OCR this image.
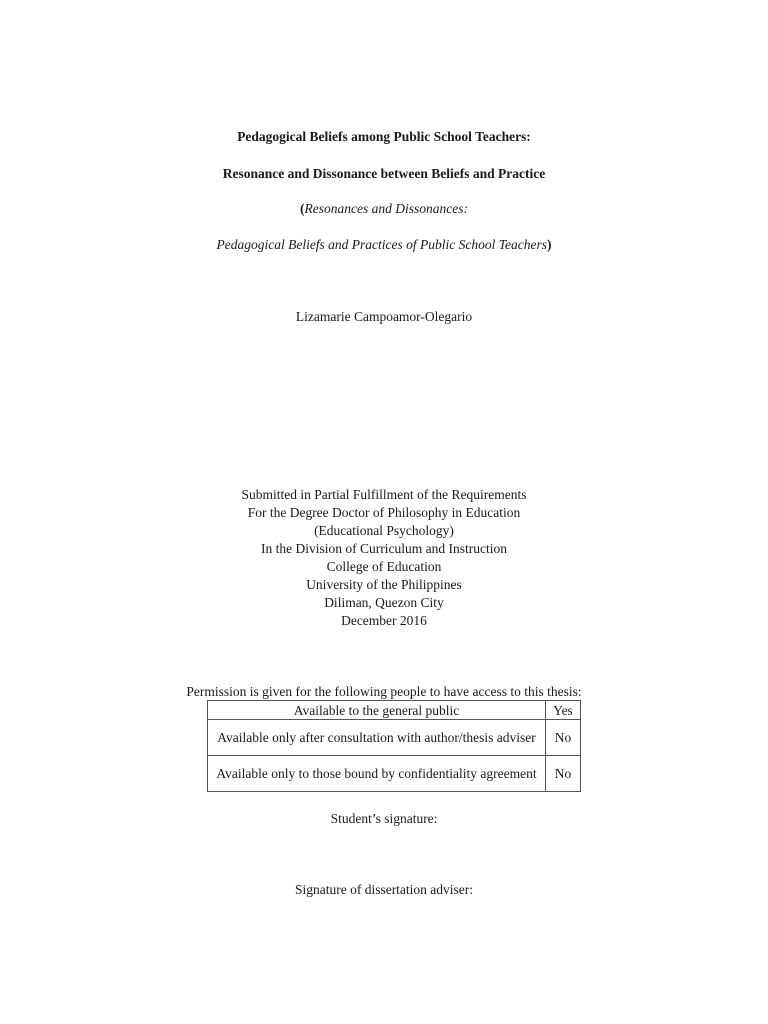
Pedagogical Beliefs among Public School Teachers:
Resonance and Dissonance between Beliefs and Practice
(Resonances and Dissonances:
Pedagogical Beliefs and Practices of Public School Teachers)
Lizamarie Campoamor-Olegario
Submitted in Partial Fulfillment of the Requirements
For the Degree Doctor of Philosophy in Education
(Educational Psychology)
In the Division of Curriculum and Instruction
College of Education
University of the Philippines
Diliman, Quezon City
December 2016
Permission is given for the following people to have access to this thesis:
Available to the general public	Yes
Available only after consultation with author/thesis adviser	No
Available only to those bound by confidentiality agreement	No
Student’s signature:
Signature of dissertation adviser:
